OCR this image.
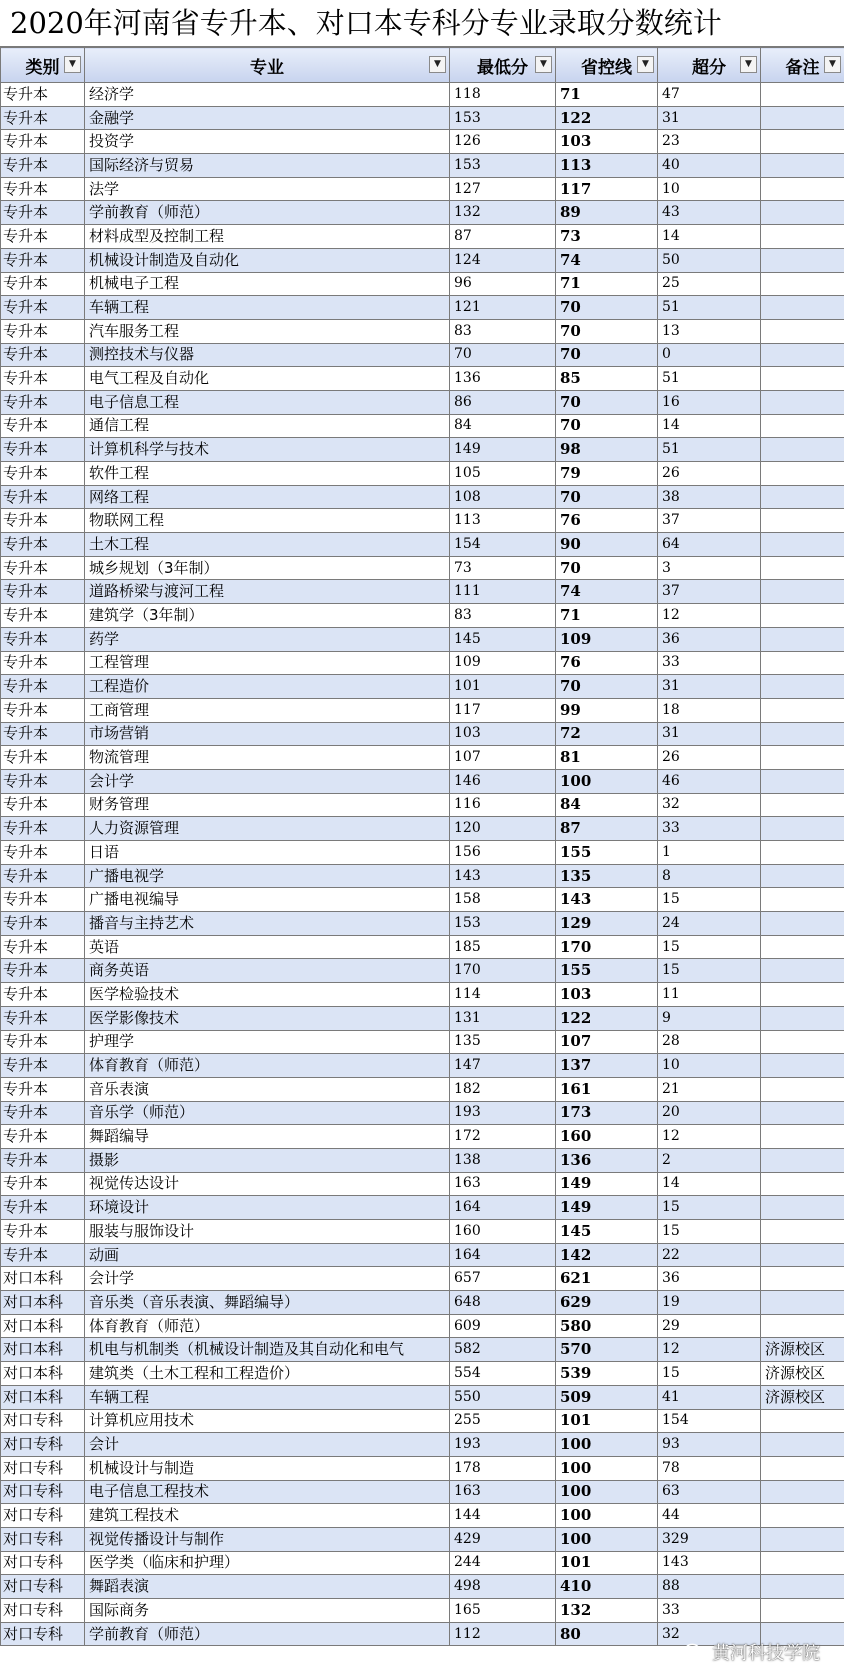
2020年河南省专升本、对口本专科分专业录取分数统计
类别 ▼	专业 ▼	最低分 ▼	省控线 ▼	超分 ▼	备注 ▼

专升本	经济学	118	71	47	
专升本	金融学	153	122	31	
专升本	投资学	126	103	23	
专升本	国际经济与贸易	153	113	40	
专升本	法学	127	117	10	
专升本	学前教育（师范）	132	89	43	
专升本	材料成型及控制工程	87	73	14	
专升本	机械设计制造及自动化	124	74	50	
专升本	机械电子工程	96	71	25	
专升本	车辆工程	121	70	51	
专升本	汽车服务工程	83	70	13	
专升本	测控技术与仪器	70	70	0	
专升本	电气工程及自动化	136	85	51	
专升本	电子信息工程	86	70	16	
专升本	通信工程	84	70	14	
专升本	计算机科学与技术	149	98	51	
专升本	软件工程	105	79	26	
专升本	网络工程	108	70	38	
专升本	物联网工程	113	76	37	
专升本	土木工程	154	90	64	
专升本	城乡规划（3年制）	73	70	3	
专升本	道路桥梁与渡河工程	111	74	37	
专升本	建筑学（3年制）	83	71	12	
专升本	药学	145	109	36	
专升本	工程管理	109	76	33	
专升本	工程造价	101	70	31	
专升本	工商管理	117	99	18	
专升本	市场营销	103	72	31	
专升本	物流管理	107	81	26	
专升本	会计学	146	100	46	
专升本	财务管理	116	84	32	
专升本	人力资源管理	120	87	33	
专升本	日语	156	155	1	
专升本	广播电视学	143	135	8	
专升本	广播电视编导	158	143	15	
专升本	播音与主持艺术	153	129	24	
专升本	英语	185	170	15	
专升本	商务英语	170	155	15	
专升本	医学检验技术	114	103	11	
专升本	医学影像技术	131	122	9	
专升本	护理学	135	107	28	
专升本	体育教育（师范）	147	137	10	
专升本	音乐表演	182	161	21	
专升本	音乐学（师范）	193	173	20	
专升本	舞蹈编导	172	160	12	
专升本	摄影	138	136	2	
专升本	视觉传达设计	163	149	14	
专升本	环境设计	164	149	15	
专升本	服装与服饰设计	160	145	15	
专升本	动画	164	142	22	
对口本科	会计学	657	621	36	
对口本科	音乐类（音乐表演、舞蹈编导）	648	629	19	
对口本科	体育教育（师范）	609	580	29	
对口本科	机电与机制类（机械设计制造及其自动化和电气	582	570	12	济源校区
对口本科	建筑类（土木工程和工程造价）	554	539	15	济源校区
对口本科	车辆工程	550	509	41	济源校区
对口专科	计算机应用技术	255	101	154	
对口专科	会计	193	100	93	
对口专科	机械设计与制造	178	100	78	
对口专科	电子信息工程技术	163	100	63	
对口专科	建筑工程技术	144	100	44	
对口专科	视觉传播设计与制作	429	100	329	
对口专科	医学类（临床和护理）	244	101	143	
对口专科	舞蹈表演	498	410	88	
对口专科	国际商务	165	132	33	
对口专科	学前教育（师范）	112	80	32	
黄河科技学院
